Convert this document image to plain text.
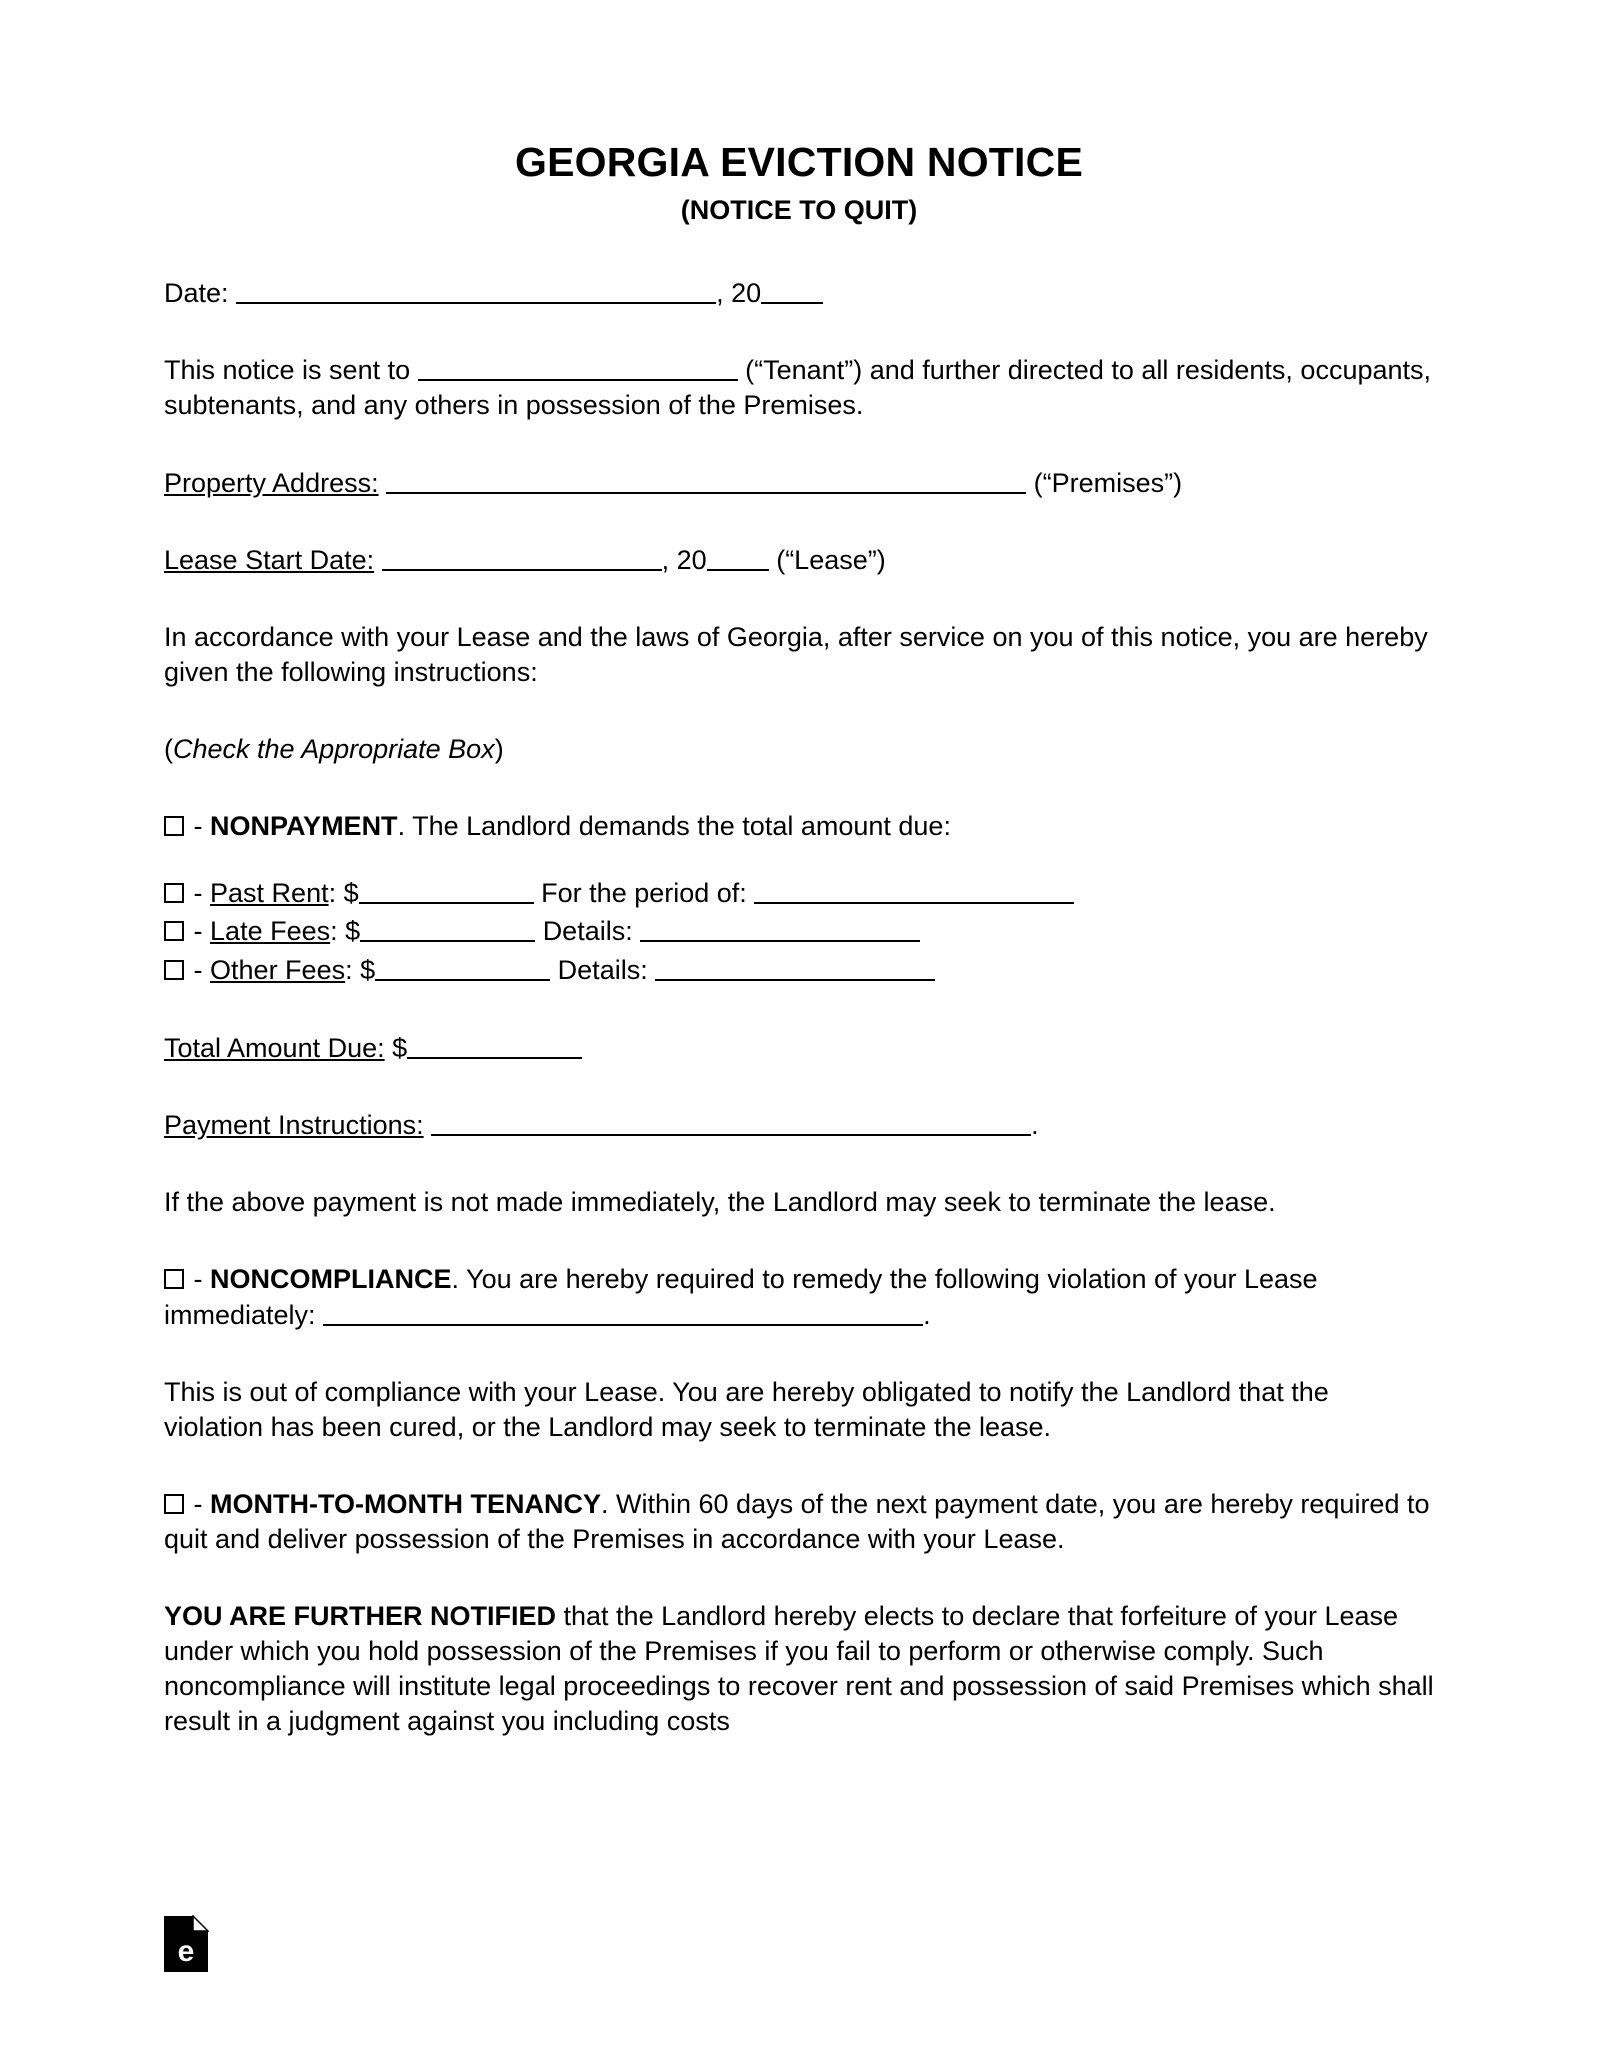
GEORGIA EVICTION NOTICE
(NOTICE TO QUIT)

Date:	, 20

This notice is sent to	(“Tenant”) and further directed to all residents, occupants, subtenants, and any others in possession of the Premises.

Property Address:	(“Premises”)

Lease Start Date:	, 20	(“Lease”)

In accordance with your Lease and the laws of Georgia, after service on you of this notice, you are hereby given the following instructions:

(Check the Appropriate Box)

- NONPAYMENT. The Landlord demands the total amount due:

- Past Rent: $	For the period of:

- Late Fees: $	Details:

- Other Fees: $	Details:

Total Amount Due: $

Payment Instructions:	.

If the above payment is not made immediately, the Landlord may seek to terminate the lease.

- NONCOMPLIANCE. You are hereby required to remedy the following violation of your Lease immediately:	.

This is out of compliance with your Lease. You are hereby obligated to notify the Landlord that the violation has been cured, or the Landlord may seek to terminate the lease.

- MONTH-TO-MONTH TENANCY. Within 60 days of the next payment date, you are hereby required to quit and deliver possession of the Premises in accordance with your Lease.

YOU ARE FURTHER NOTIFIED that the Landlord hereby elects to declare that forfeiture of your Lease under which you hold possession of the Premises if you fail to perform or otherwise comply. Such noncompliance will institute legal proceedings to recover rent and possession of said Premises which shall result in a judgment against you including costs

e
